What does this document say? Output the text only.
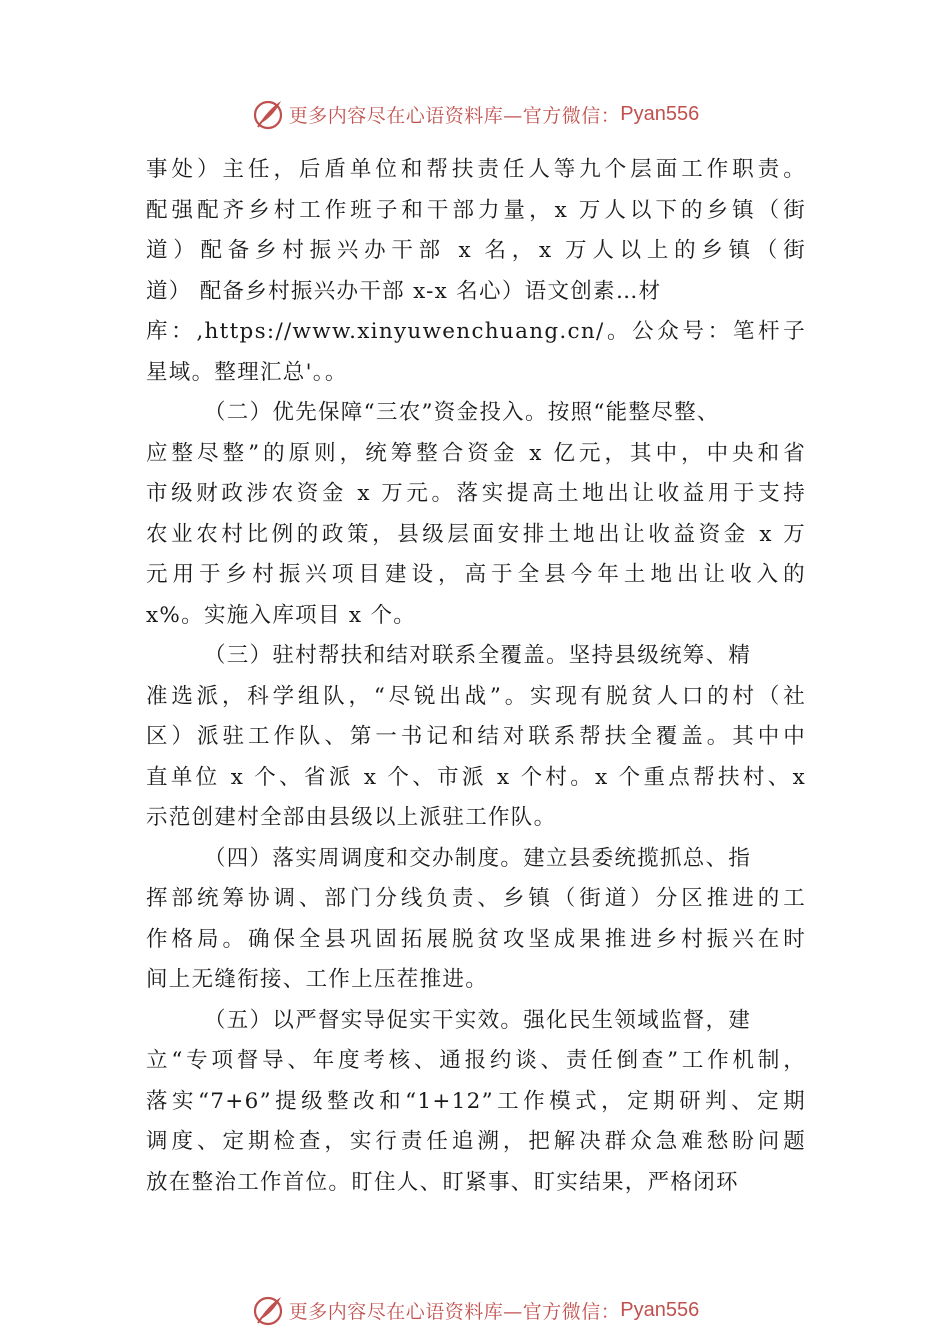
更多内容尽在心语资料库—官方微信： Pyan556
事处）主任，后盾单位和帮扶责任人等九个层面工作职责。
配强配齐乡村工作班子和干部力量，x 万人以下的乡镇（街
道）配备乡村振兴办干部 x 名，x 万人以上的乡镇（街
道） 配备乡村振兴办干部 x-x 名心）语文创素…材
库：,https://www.xinyuwenchuang.cn/。公众号：笔杆子
星域。整理汇总'。。
（二）优先保障“三农”资金投入。按照“能整尽整、
应整尽整”的原则，统筹整合资金 x 亿元，其中，中央和省
市级财政涉农资金 x 万元。落实提高土地出让收益用于支持
农业农村比例的政策，县级层面安排土地出让收益资金 x 万
元用于乡村振兴项目建设，高于全县今年土地出让收入的
x%。实施入库项目 x 个。
（三）驻村帮扶和结对联系全覆盖。坚持县级统筹、精
准选派，科学组队，“尽锐出战”。实现有脱贫人口的村（社
区）派驻工作队、第一书记和结对联系帮扶全覆盖。其中中
直单位 x 个、省派 x 个、市派 x 个村。x 个重点帮扶村、x
示范创建村全部由县级以上派驻工作队。
（四）落实周调度和交办制度。建立县委统揽抓总、指
挥部统筹协调、部门分线负责、乡镇（街道）分区推进的工
作格局。确保全县巩固拓展脱贫攻坚成果推进乡村振兴在时
间上无缝衔接、工作上压茬推进。
（五）以严督实导促实干实效。强化民生领域监督，建
立“专项督导、年度考核、通报约谈、责任倒查”工作机制，
落实“7+6”提级整改和“1+12”工作模式，定期研判、定期
调度、定期检查，实行责任追溯，把解决群众急难愁盼问题
放在整治工作首位。盯住人、盯紧事、盯实结果，严格闭环
更多内容尽在心语资料库—官方微信： Pyan556
